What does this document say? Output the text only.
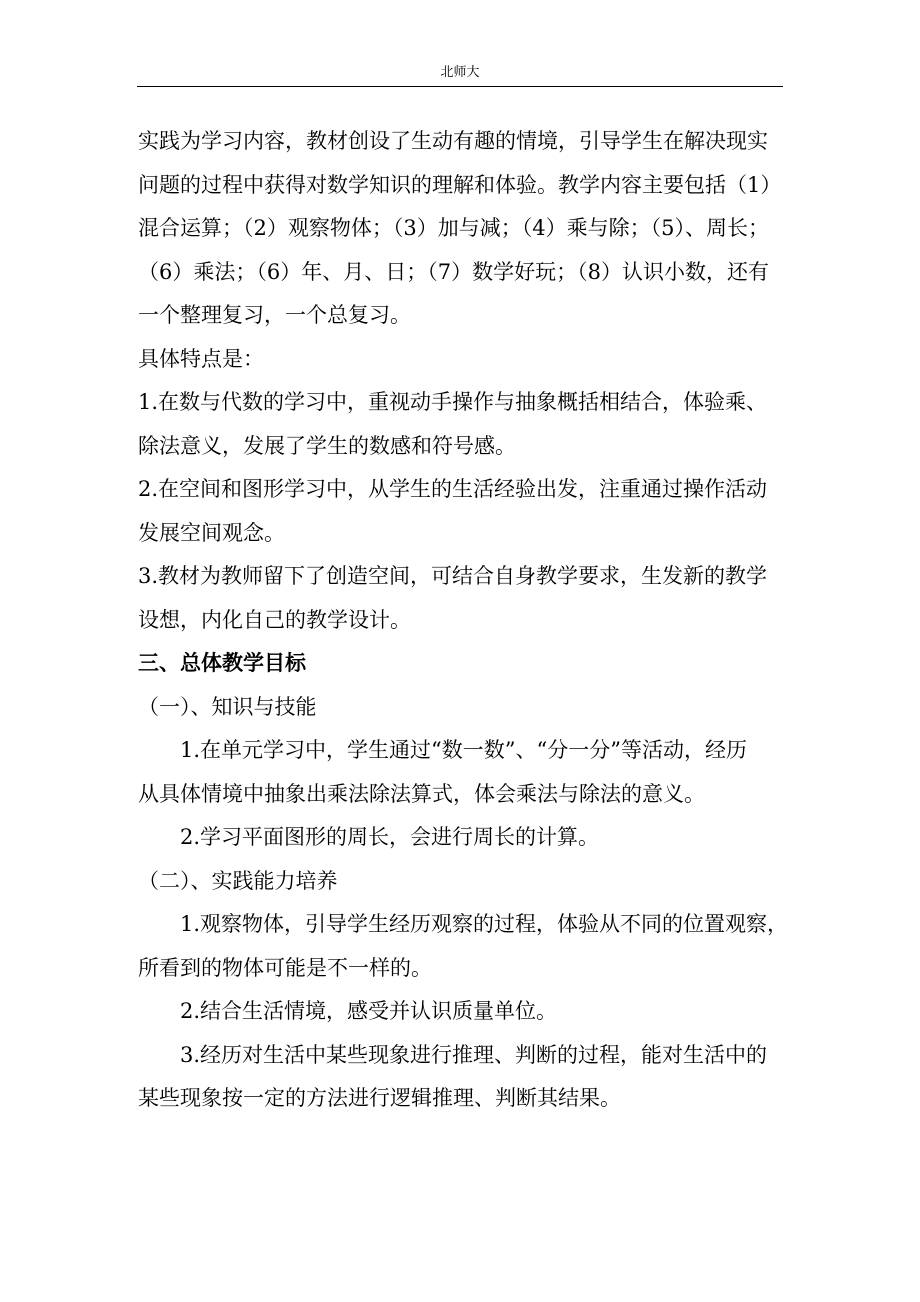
北师大
实践为学习内容，教材创设了生动有趣的情境，引导学生在解决现实
问题的过程中获得对数学知识的理解和体验。教学内容主要包括（1）
混合运算；（2）观察物体；（3）加与减；（4）乘与除；（5）、周长；
（6）乘法；（6）年、月、日；（7）数学好玩；（8）认识小数，还有
一个整理复习，一个总复习。
具体特点是：
1.在数与代数的学习中，重视动手操作与抽象概括相结合，体验乘、
除法意义，发展了学生的数感和符号感。
2.在空间和图形学习中，从学生的生活经验出发，注重通过操作活动
发展空间观念。
3.教材为教师留下了创造空间，可结合自身教学要求，生发新的教学
设想，内化自己的教学设计。
三、总体教学目标
（一）、知识与技能
1.在单元学习中，学生通过“数一数”、“分一分”等活动，经历
从具体情境中抽象出乘法除法算式，体会乘法与除法的意义。
2.学习平面图形的周长，会进行周长的计算。
（二）、实践能力培养
1.观察物体，引导学生经历观察的过程，体验从不同的位置观察，
所看到的物体可能是不一样的。
2.结合生活情境，感受并认识质量单位。
3.经历对生活中某些现象进行推理、判断的过程，能对生活中的
某些现象按一定的方法进行逻辑推理、判断其结果。
